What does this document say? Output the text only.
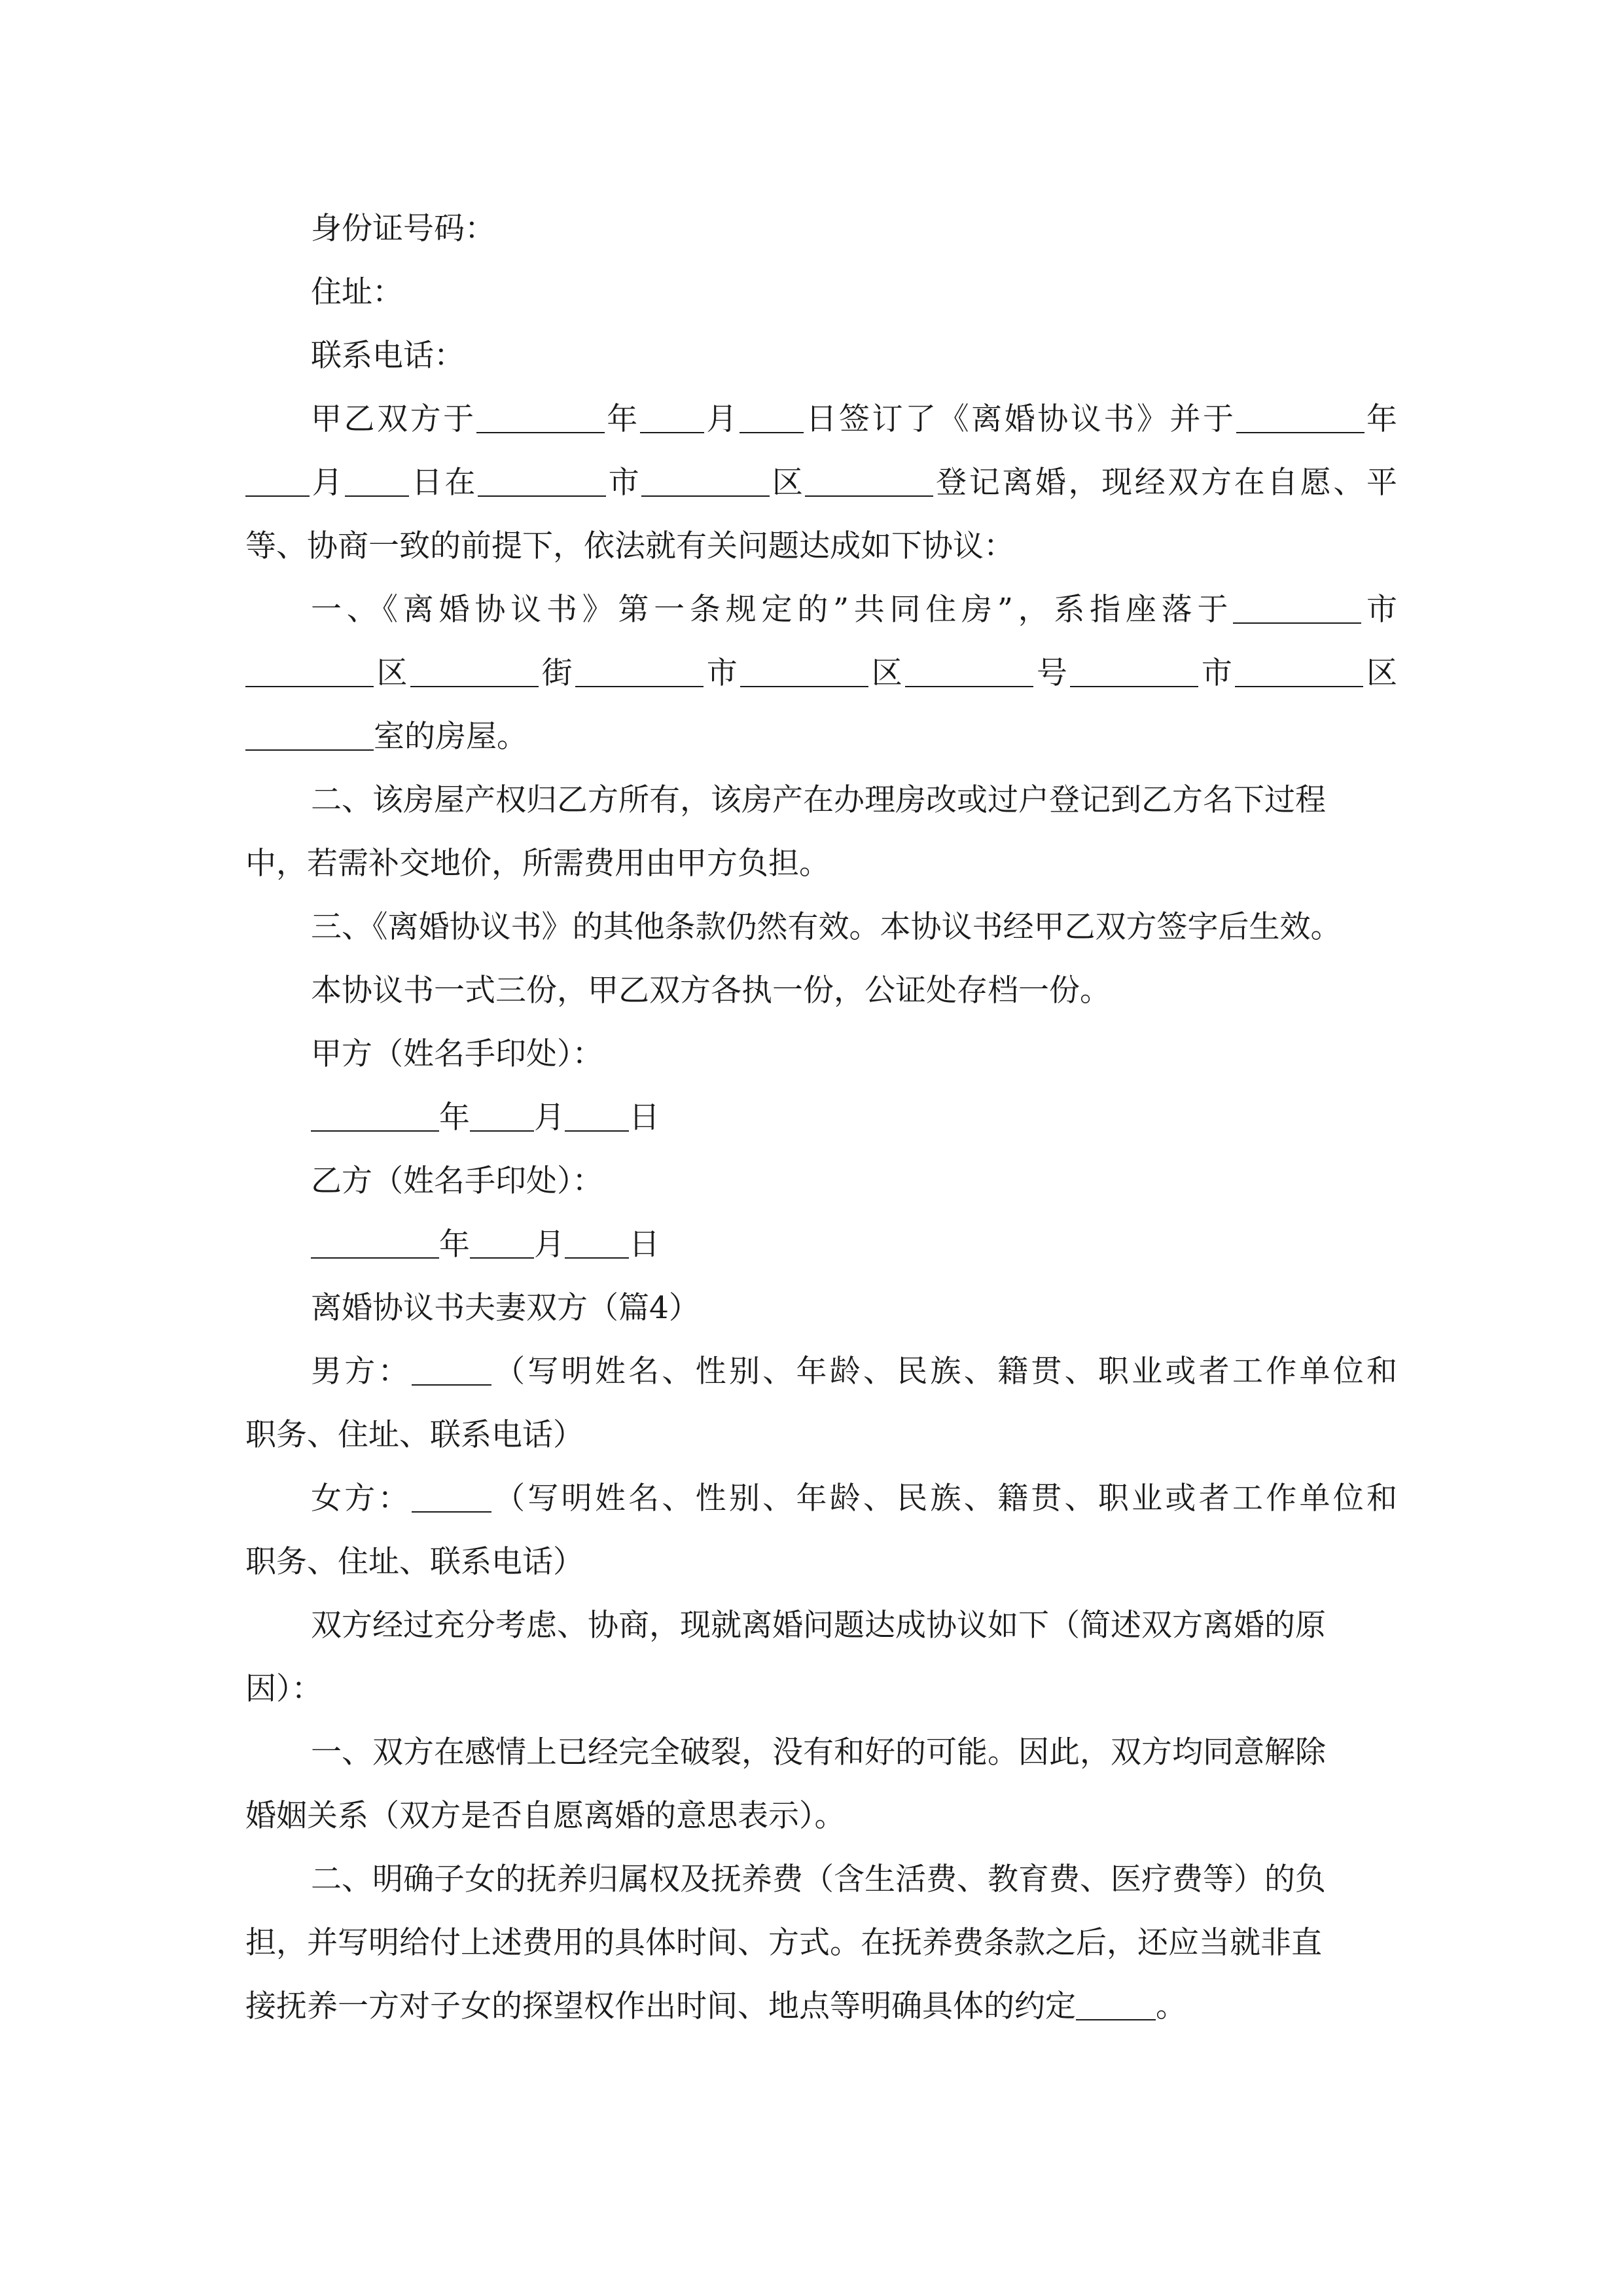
身份证号码：
住址：
联系电话：
甲乙双方于	年 月 日签订了《离婚协议书》并于	年
月 日在	市	区	登记离婚，现经双方在自愿、平
等、协商一致的前提下，依法就有关问题达成如下协议：
一、《离婚协议书》第一条规定的”共同住房”，系指座落于	市
区	街	市	区	号	市	区
室的房屋。
二、该房屋产权归乙方所有，该房产在办理房改或过户登记到乙方名下过程
中，若需补交地价，所需费用由甲方负担。
三、《离婚协议书》的其他条款仍然有效。本协议书经甲乙双方签字后生效。
本协议书一式三份，甲乙双方各执一份，公证处存档一份。
甲方（姓名手印处）：
年 月 日
乙方（姓名手印处）：
年 月 日
离婚协议书夫妻双方（篇4）
男方：	（写明姓名、性别、年龄、民族、籍贯、职业或者工作单位和
职务、住址、联系电话）
女方：	（写明姓名、性别、年龄、民族、籍贯、职业或者工作单位和
职务、住址、联系电话）
双方经过充分考虑、协商，现就离婚问题达成协议如下（简述双方离婚的原
因）：
一、双方在感情上已经完全破裂，没有和好的可能。因此，双方均同意解除
婚姻关系（双方是否自愿离婚的意思表示）。
二、明确子女的抚养归属权及抚养费（含生活费、教育费、医疗费等）的负
担，并写明给付上述费用的具体时间、方式。在抚养费条款之后，还应当就非直
接抚养一方对子女的探望权作出时间、地点等明确具体的约定	。
